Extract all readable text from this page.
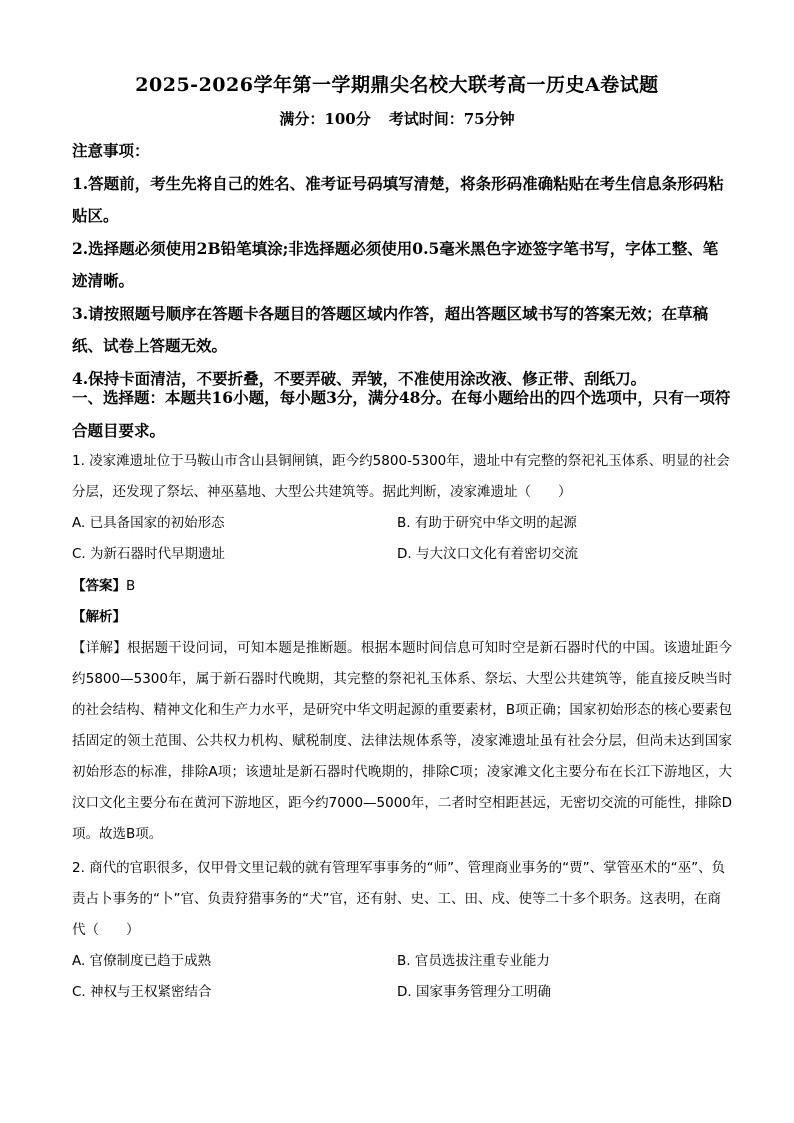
2025-2026学年第一学期鼎尖名校大联考高一历史A卷试题
满分：100分 考试时间：75分钟

注意事项：

1.答题前，考生先将自己的姓名、准考证号码填写清楚，将条形码准确粘贴在考生信息条形码粘贴区。

2.选择题必须使用2B铅笔填涂;非选择题必须使用0.5毫米黑色字迹签字笔书写，字体工整、笔迹清晰。

3.请按照题号顺序在答题卡各题目的答题区域内作答，超出答题区域书写的答案无效；在草稿纸、试卷上答题无效。

4.保持卡面清洁，不要折叠，不要弄破、弄皱，不准使用涂改液、修正带、刮纸刀。

一、选择题：本题共16小题，每小题3分，满分48分。在每小题给出的四个选项中，只有一项符合题目要求。
1. 凌家滩遗址位于马鞍山市含山县铜闸镇，距今约5800-5300年，遗址中有完整的祭祀礼玉体系、明显的社会分层，还发现了祭坛、神巫墓地、大型公共建筑等。据此判断，凌家滩遗址（　　）
A. 已具备国家的初始形态	B. 有助于研究中华文明的起源
C. 为新石器时代早期遗址	D. 与大汶口文化有着密切交流
【答案】B
【解析】
【详解】根据题干设问词，可知本题是推断题。根据本题时间信息可知时空是新石器时代的中国。该遗址距今约5800—5300年，属于新石器时代晚期，其完整的祭祀礼玉体系、祭坛、大型公共建筑等，能直接反映当时的社会结构、精神文化和生产力水平，是研究中华文明起源的重要素材，B项正确；国家初始形态的核心要素包括固定的领土范围、公共权力机构、赋税制度、法律法规体系等，凌家滩遗址虽有社会分层，但尚未达到国家初始形态的标准，排除A项；该遗址是新石器时代晚期的，排除C项；凌家滩文化主要分布在长江下游地区，大汶口文化主要分布在黄河下游地区，距今约7000—5000年，二者时空相距甚远，无密切交流的可能性，排除D项。故选B项。
2. 商代的官职很多，仅甲骨文里记载的就有管理军事事务的“师”、管理商业事务的“贾”、掌管巫术的“巫”、负责占卜事务的“卜”官、负责狩猎事务的“犬”官，还有射、史、工、田、戍、使等二十多个职务。这表明，在商代（　　）
A. 官僚制度已趋于成熟	B. 官员选拔注重专业能力
C. 神权与王权紧密结合	D. 国家事务管理分工明确
